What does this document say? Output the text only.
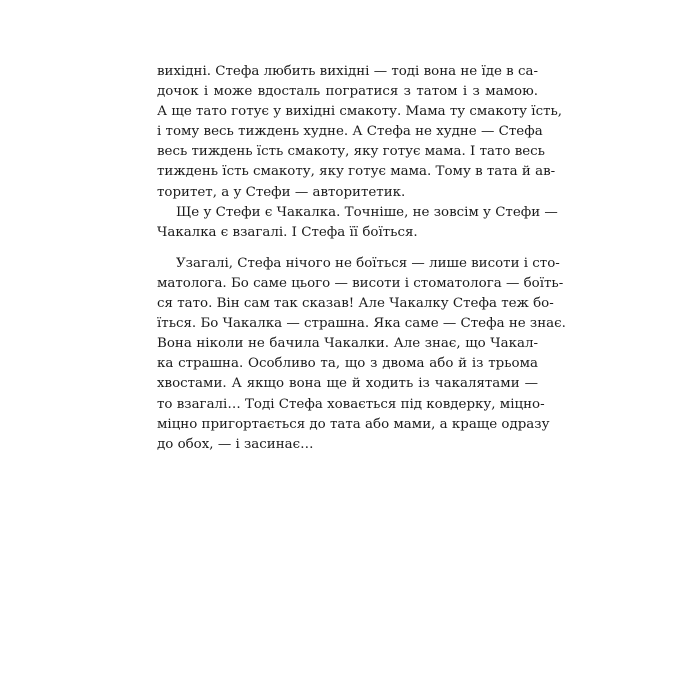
вихідні. Стефа любить вихідні — тоді вона не їде в са-
дочок і може вдосталь погратися з татом і з мамою.
А ще тато готує у вихідні смакоту. Мама ту смакоту їсть,
і тому весь тиждень худне. А Стефа не худне — Стефа
весь тиждень їсть смакоту, яку готує мама. І тато весь
тиждень їсть смакоту, яку готує мама. Тому в тата й ав-
торитет, а у Стефи — авторитетик.
Ще у Стефи є Чакалка. Точніше, не зовсім у Стефи —
Чакалка є взагалі. І Стефа її боїться.
Узагалі, Стефа нічого не боїться — лише висоти і сто-
матолога. Бо саме цього — висоти і стоматолога — боїть-
ся тато. Він сам так сказав! Але Чакалку Стефа теж бо-
їться. Бо Чакалка — страшна. Яка саме — Стефа не знає.
Вона ніколи не бачила Чакалки. Але знає, що Чакал-
ка страшна. Особливо та, що з двома або й із трьома
хвостами. А якщо вона ще й ходить із чакалятами —
то взагалі… Тоді Стефа ховається під ковдерку, міцно-
міцно пригортається до тата або мами, а краще одразу
до обох, — і засинає…
